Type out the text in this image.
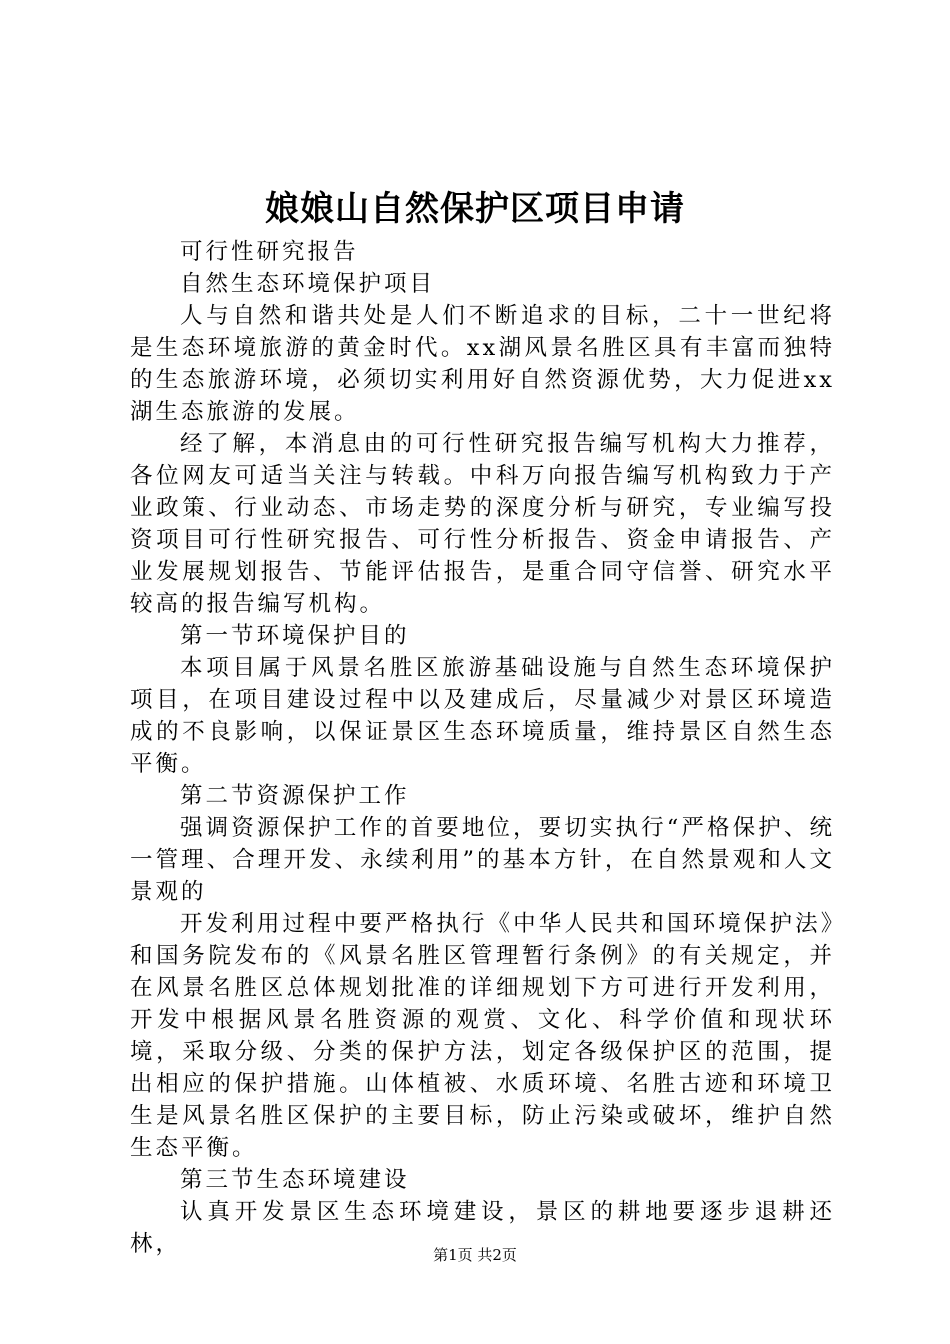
娘娘山自然保护区项目申请

可行性研究报告

自然生态环境保护项目

人与自然和谐共处是人们不断追求的目标，二十一世纪将是生态环境旅游的黄金时代。xx湖风景名胜区具有丰富而独特的生态旅游环境，必须切实利用好自然资源优势，大力促进xx湖生态旅游的发展。

经了解，本消息由的可行性研究报告编写机构大力推荐，各位网友可适当关注与转载。中科万向报告编写机构致力于产业政策、行业动态、市场走势的深度分析与研究，专业编写投资项目可行性研究报告、可行性分析报告、资金申请报告、产业发展规划报告、节能评估报告，是重合同守信誉、研究水平较高的报告编写机构。

第一节环境保护目的

本项目属于风景名胜区旅游基础设施与自然生态环境保护项目，在项目建设过程中以及建成后，尽量减少对景区环境造成的不良影响，以保证景区生态环境质量，维持景区自然生态平衡。

第二节资源保护工作

强调资源保护工作的首要地位，要切实执行“严格保护、统一管理、合理开发、永续利用”的基本方针，在自然景观和人文景观的

开发利用过程中要严格执行《中华人民共和国环境保护法》和国务院发布的《风景名胜区管理暂行条例》的有关规定，并在风景名胜区总体规划批准的详细规划下方可进行开发利用，开发中根据风景名胜资源的观赏、文化、科学价值和现状环境，采取分级、分类的保护方法，划定各级保护区的范围，提出相应的保护措施。山体植被、水质环境、名胜古迹和环境卫生是风景名胜区保护的主要目标，防止污染或破坏，维护自然生态平衡。

第三节生态环境建设

认真开发景区生态环境建设，景区的耕地要逐步退耕还林，	第1页 共2页
